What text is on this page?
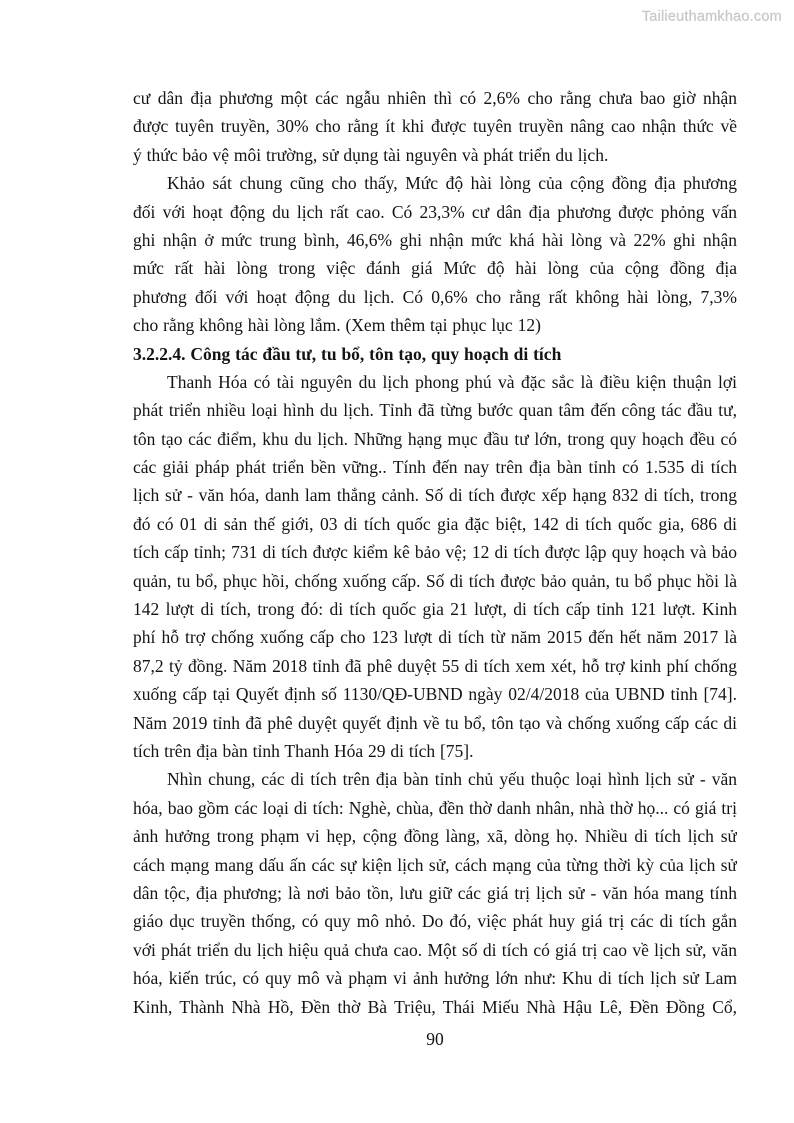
Tailieuthamkhao.com
cư dân địa phương một các ngẫu nhiên thì có 2,6% cho rằng chưa bao giờ nhận
được tuyên truyền, 30% cho rằng ít khi được tuyên truyền nâng cao nhận thức về
ý thức bảo vệ môi trường, sử dụng tài nguyên và phát triển du lịch.
Khảo sát chung cũng cho thấy, Mức độ hài lòng của cộng đồng địa phương
đối với hoạt động du lịch rất cao. Có 23,3% cư dân địa phương được phỏng vấn
ghi nhận ở mức trung bình, 46,6% ghi nhận mức khá hài lòng và 22% ghi nhận
mức rất hài lòng trong việc đánh giá Mức độ hài lòng của cộng đồng địa
phương đối với hoạt động du lịch. Có 0,6% cho rằng rất không hài lòng, 7,3%
cho rằng không hài lòng lắm. (Xem thêm tại phục lục 12)
3.2.2.4. Công tác đầu tư, tu bổ, tôn tạo, quy hoạch di tích
Thanh Hóa có tài nguyên du lịch phong phú và đặc sắc là điều kiện thuận lợi
phát triển nhiều loại hình du lịch. Tỉnh đã từng bước quan tâm đến công tác đầu tư,
tôn tạo các điểm, khu du lịch. Những hạng mục đầu tư lớn, trong quy hoạch đều có
các giải pháp phát triển bền vững.. Tính đến nay trên địa bàn tỉnh có 1.535 di tích
lịch sử - văn hóa, danh lam thắng cảnh. Số di tích được xếp hạng 832 di tích, trong
đó có 01 di sản thế giới, 03 di tích quốc gia đặc biệt, 142 di tích quốc gia, 686 di
tích cấp tỉnh; 731 di tích được kiểm kê bảo vệ; 12 di tích được lập quy hoạch và bảo
quản, tu bổ, phục hồi, chống xuống cấp. Số di tích được bảo quản, tu bổ phục hồi là
142 lượt di tích, trong đó: di tích quốc gia 21 lượt, di tích cấp tỉnh 121 lượt. Kinh
phí hỗ trợ chống xuống cấp cho 123 lượt di tích từ năm 2015 đến hết năm 2017 là
87,2 tỷ đồng. Năm 2018 tỉnh đã phê duyệt 55 di tích xem xét, hỗ trợ kinh phí chống
xuống cấp tại Quyết định số 1130/QĐ-UBND ngày 02/4/2018 của UBND tỉnh [74].
Năm 2019 tỉnh đã phê duyệt quyết định về tu bổ, tôn tạo và chống xuống cấp các di
tích trên địa bàn tỉnh Thanh Hóa 29 di tích [75].
Nhìn chung, các di tích trên địa bàn tỉnh chủ yếu thuộc loại hình lịch sử - văn
hóa, bao gồm các loại di tích: Nghè, chùa, đền thờ danh nhân, nhà thờ họ... có giá trị
ảnh hưởng trong phạm vi hẹp, cộng đồng làng, xã, dòng họ. Nhiều di tích lịch sử
cách mạng mang dấu ấn các sự kiện lịch sử, cách mạng của từng thời kỳ của lịch sử
dân tộc, địa phương; là nơi bảo tồn, lưu giữ các giá trị lịch sử - văn hóa mang tính
giáo dục truyền thống, có quy mô nhỏ. Do đó, việc phát huy giá trị các di tích gắn
với phát triển du lịch hiệu quả chưa cao. Một số di tích có giá trị cao về lịch sử, văn
hóa, kiến trúc, có quy mô và phạm vi ảnh hưởng lớn như: Khu di tích lịch sử Lam
Kinh, Thành Nhà Hồ, Đền thờ Bà Triệu, Thái Miếu Nhà Hậu Lê, Đền Đồng Cổ,
90
